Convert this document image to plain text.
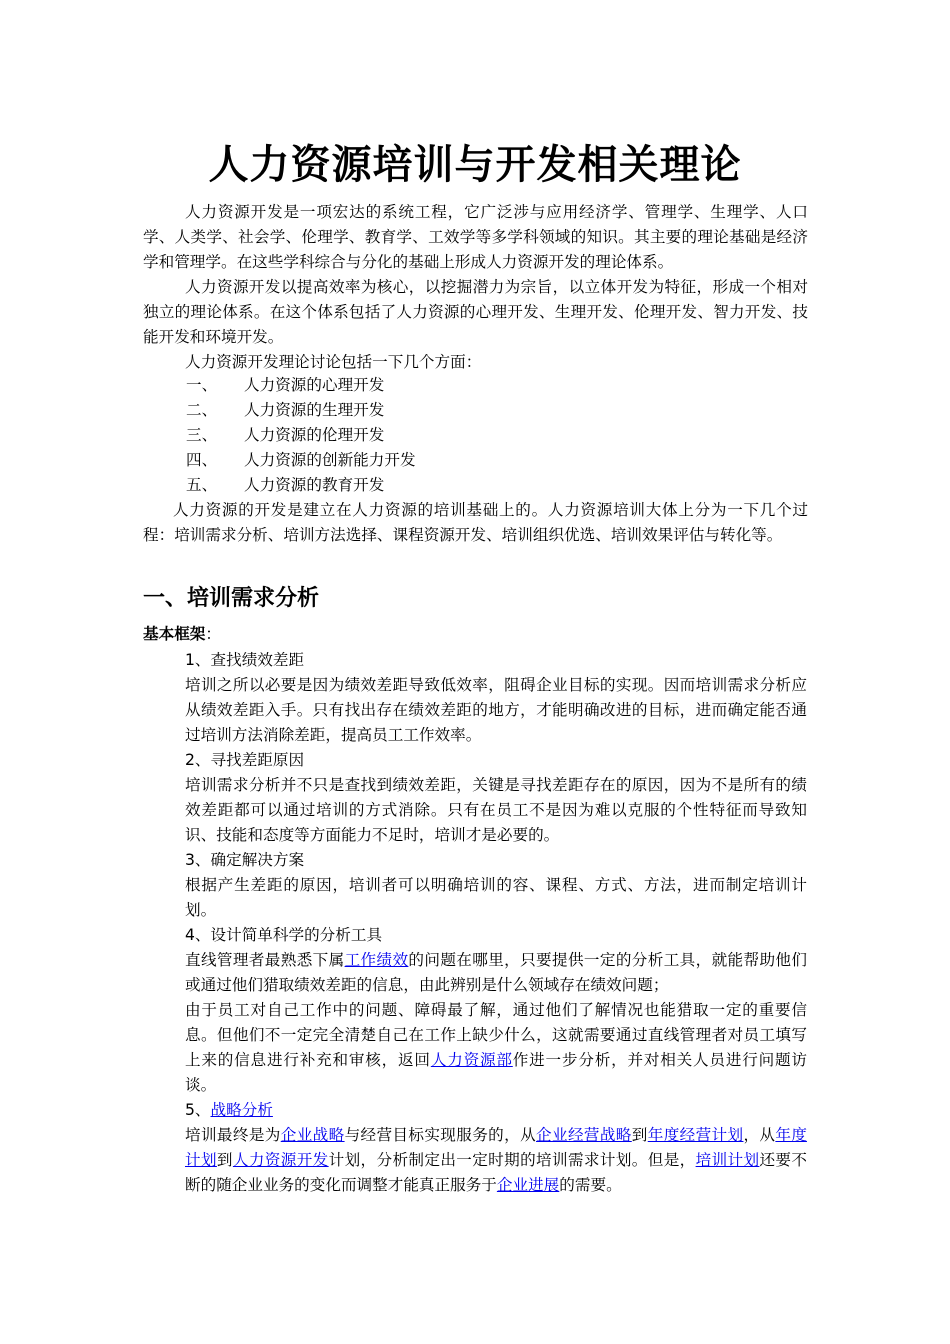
人力资源培训与开发相关理论

人力资源开发是一项宏达的系统工程，它广泛涉与应用经济学、管理学、生理学、人口学、人类学、社会学、伦理学、教育学、工效学等多学科领域的知识。其主要的理论基础是经济学和管理学。在这些学科综合与分化的基础上形成人力资源开发的理论体系。

人力资源开发以提高效率为核心，以挖掘潜力为宗旨，以立体开发为特征，形成一个相对独立的理论体系。在这个体系包括了人力资源的心理开发、生理开发、伦理开发、智力开发、技能开发和环境开发。

人力资源开发理论讨论包括一下几个方面：

一、 人力资源的心理开发
二、 人力资源的生理开发
三、 人力资源的伦理开发
四、 人力资源的创新能力开发
五、 人力资源的教育开发

人力资源的开发是建立在人力资源的培训基础上的。人力资源培训大体上分为一下几个过程：培训需求分析、培训方法选择、课程资源开发、培训组织优选、培训效果评估与转化等。

一、培训需求分析
基本框架：

1、查找绩效差距

培训之所以必要是因为绩效差距导致低效率，阻碍企业目标的实现。因而培训需求分析应从绩效差距入手。只有找出存在绩效差距的地方，才能明确改进的目标，进而确定能否通过培训方法消除差距，提高员工工作效率。

2、寻找差距原因

培训需求分析并不只是查找到绩效差距，关键是寻找差距存在的原因，因为不是所有的绩效差距都可以通过培训的方式消除。只有在员工不是因为难以克服的个性特征而导致知识、技能和态度等方面能力不足时，培训才是必要的。

3、确定解决方案

根据产生差距的原因，培训者可以明确培训的容、课程、方式、方法，进而制定培训计划。

4、设计简单科学的分析工具

直线管理者最熟悉下属工作绩效的问题在哪里，只要提供一定的分析工具，就能帮助他们或通过他们猎取绩效差距的信息，由此辨别是什么领域存在绩效问题；

由于员工对自己工作中的问题、障碍最了解，通过他们了解情况也能猎取一定的重要信息。但他们不一定完全清楚自己在工作上缺少什么，这就需要通过直线管理者对员工填写上来的信息进行补充和审核，返回人力资源部作进一步分析，并对相关人员进行问题访谈。

5、战略分析

培训最终是为企业战略与经营目标实现服务的，从企业经营战略到年度经营计划，从年度计划到人力资源开发计划，分析制定出一定时期的培训需求计划。但是，培训计划还要不断的随企业业务的变化而调整才能真正服务于企业进展的需要。
